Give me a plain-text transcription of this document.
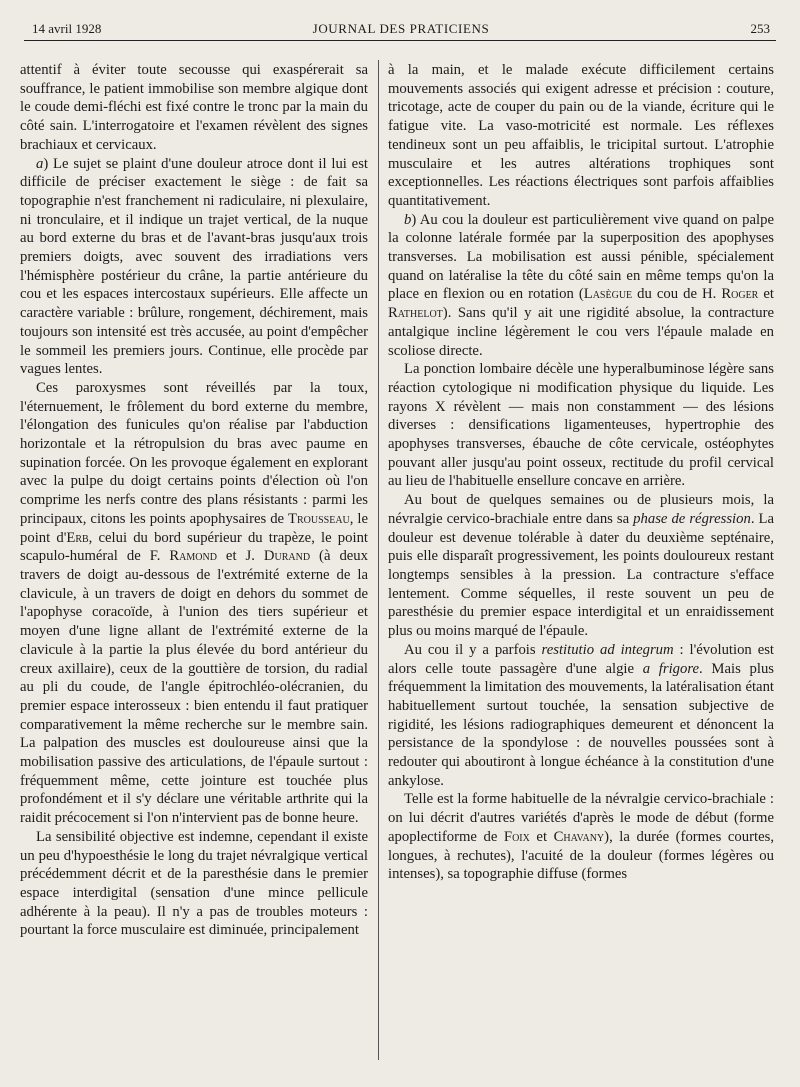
14 avril 1928	JOURNAL DES PRATICIENS	253

attentif à éviter toute secousse qui exaspérerait sa souffrance, le patient immobilise son membre algique dont le coude demi-fléchi est fixé contre le tronc par la main du côté sain. L'interrogatoire et l'examen révèlent des signes brachiaux et cervicaux.

a) Le sujet se plaint d'une douleur atroce dont il lui est difficile de préciser exactement le siège : de fait sa topographie n'est franchement ni radiculaire, ni plexulaire, ni tronculaire, et il indique un trajet vertical, de la nuque au bord externe du bras et de l'avant-bras jusqu'aux trois premiers doigts, avec souvent des irradiations vers l'hémisphère postérieur du crâne, la partie antérieure du cou et les espaces intercostaux supérieurs. Elle affecte un caractère variable : brûlure, rongement, déchirement, mais toujours son intensité est très accusée, au point d'empêcher le sommeil les premiers jours. Continue, elle procède par vagues lentes.

Ces paroxysmes sont réveillés par la toux, l'éternuement, le frôlement du bord externe du membre, l'élongation des funicules qu'on réalise par l'abduction horizontale et la rétropulsion du bras avec paume en supination forcée. On les provoque également en explorant avec la pulpe du doigt certains points d'élection où l'on comprime les nerfs contre des plans résistants : parmi les principaux, citons les points apophysaires de Trousseau, le point d'Erb, celui du bord supérieur du trapèze, le point scapulo-huméral de F. Ramond et J. Durand (à deux travers de doigt au-dessous de l'extrémité externe de la clavicule, à un travers de doigt en dehors du sommet de l'apophyse coracoïde, à l'union des tiers supérieur et moyen d'une ligne allant de l'extrémité externe de la clavicule à la partie la plus élevée du bord antérieur du creux axillaire), ceux de la gouttière de torsion, du radial au pli du coude, de l'angle épitrochléo-olécranien, du premier espace interosseux : bien entendu il faut pratiquer comparativement la même recherche sur le membre sain. La palpation des muscles est douloureuse ainsi que la mobilisation passive des articulations, de l'épaule surtout : fréquemment même, cette jointure est touchée plus profondément et il s'y déclare une véritable arthrite qui la raidit précocement si l'on n'intervient pas de bonne heure.

La sensibilité objective est indemne, cependant il existe un peu d'hypoesthésie le long du trajet névralgique vertical précédemment décrit et de la paresthésie dans le premier espace interdigital (sensation d'une mince pellicule adhérente à la peau). Il n'y a pas de troubles moteurs : pourtant la force musculaire est diminuée, principalement

à la main, et le malade exécute difficilement certains mouvements associés qui exigent adresse et précision : couture, tricotage, acte de couper du pain ou de la viande, écriture qui le fatigue vite. La vaso-motricité est normale. Les réflexes tendineux sont un peu affaiblis, le tricipital surtout. L'atrophie musculaire et les autres altérations trophiques sont exceptionnelles. Les réactions électriques sont parfois affaiblies quantitativement.

b) Au cou la douleur est particulièrement vive quand on palpe la colonne latérale formée par la superposition des apophyses transverses. La mobilisation est aussi pénible, spécialement quand on latéralise la tête du côté sain en même temps qu'on la place en flexion ou en rotation (Lasègue du cou de H. Roger et Rathelot). Sans qu'il y ait une rigidité absolue, la contracture antalgique incline légèrement le cou vers l'épaule malade en scoliose directe.

La ponction lombaire décèle une hyperalbuminose légère sans réaction cytologique ni modification physique du liquide. Les rayons X révèlent — mais non constamment — des lésions diverses : densifications ligamenteuses, hypertrophie des apophyses transverses, ébauche de côte cervicale, ostéophytes pouvant aller jusqu'au point osseux, rectitude du profil cervical au lieu de l'habituelle ensellure concave en arrière.

Au bout de quelques semaines ou de plusieurs mois, la névralgie cervico-brachiale entre dans sa phase de régression. La douleur est devenue tolérable à dater du deuxième septénaire, puis elle disparaît progressivement, les points douloureux restant longtemps sensibles à la pression. La contracture s'efface lentement. Comme séquelles, il reste souvent un peu de paresthésie du premier espace interdigital et un enraidissement plus ou moins marqué de l'épaule.

Au cou il y a parfois restitutio ad integrum : l'évolution est alors celle toute passagère d'une algie a frigore. Mais plus fréquemment la limitation des mouvements, la latéralisation étant habituellement surtout touchée, la sensation subjective de rigidité, les lésions radiographiques demeurent et dénoncent la persistance de la spondylose : de nouvelles poussées sont à redouter qui aboutiront à longue échéance à la constitution d'une ankylose.

Telle est la forme habituelle de la névralgie cervico-brachiale : on lui décrit d'autres variétés d'après le mode de début (forme apoplectiforme de Foix et Chavany), la durée (formes courtes, longues, à rechutes), l'acuité de la douleur (formes légères ou intenses), sa topographie diffuse (formes
